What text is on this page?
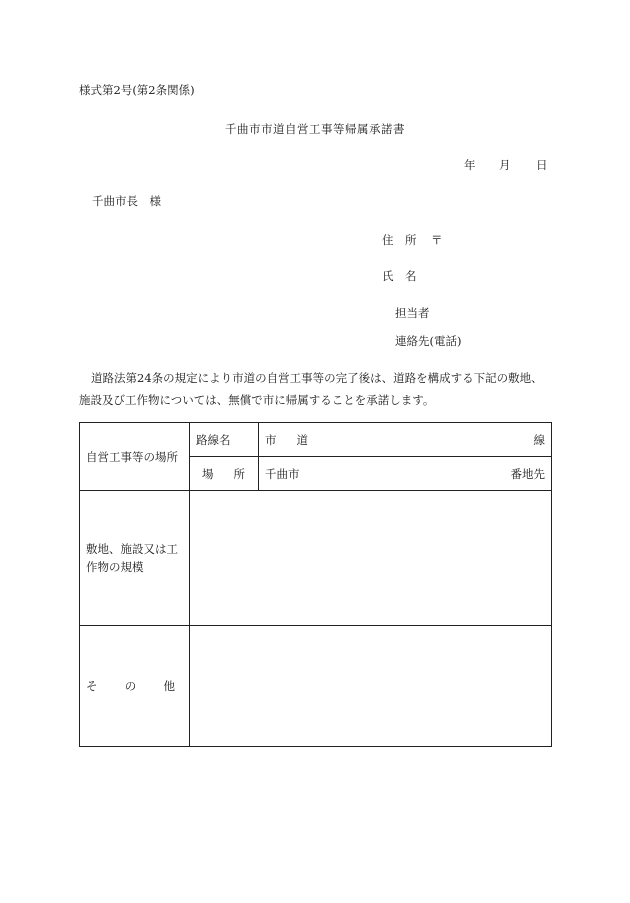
様式第2号(第2条関係)
千曲市市道自営工事等帰属承諾書
年 月 日
千曲市長　様
住　所 〒
氏　名
担当者
連絡先(電話)
道路法第24条の規定により市道の自営工事等の完了後は、道路を構成する下記の敷地、
施設及び工作物については、無償で市に帰属することを承諾します。
自営工事等の場所	路線名	市 道 線

	場 所	千曲市 番地先

敷地、施設又は工作物の規模		

そ の 他		
